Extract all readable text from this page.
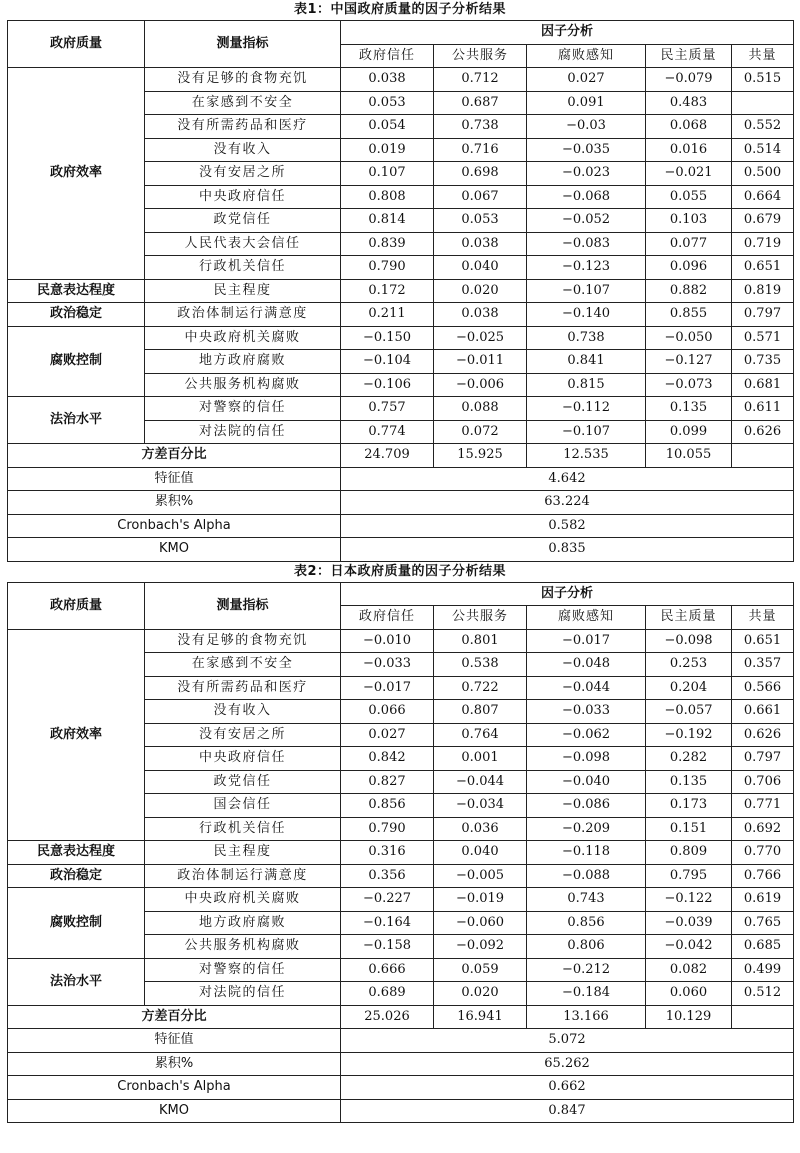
表1：中国政府质量的因子分析结果
政府质量	测量指标	因子分析				
		政府信任	公共服务	腐败感知	民主质量	共量
政府效率	没有足够的食物充饥	0.038	0.712	0.027	−0.079	0.515
	在家感到不安全	0.053	0.687	0.091	0.483	
	没有所需药品和医疗	0.054	0.738	−0.03	0.068	0.552
	没有收入	0.019	0.716	−0.035	0.016	0.514
	没有安居之所	0.107	0.698	−0.023	−0.021	0.500
	中央政府信任	0.808	0.067	−0.068	0.055	0.664
	政党信任	0.814	0.053	−0.052	0.103	0.679
	人民代表大会信任	0.839	0.038	−0.083	0.077	0.719
	行政机关信任	0.790	0.040	−0.123	0.096	0.651
民意表达程度	民主程度	0.172	0.020	−0.107	0.882	0.819
政治稳定	政治体制运行满意度	0.211	0.038	−0.140	0.855	0.797
腐败控制	中央政府机关腐败	−0.150	−0.025	0.738	−0.050	0.571
	地方政府腐败	−0.104	−0.011	0.841	−0.127	0.735
	公共服务机构腐败	−0.106	−0.006	0.815	−0.073	0.681
法治水平	对警察的信任	0.757	0.088	−0.112	0.135	0.611
	对法院的信任	0.774	0.072	−0.107	0.099	0.626
方差百分比		24.709	15.925	12.535	10.055	
特征值		4.642				
累积%		63.224				
Cronbach's Alpha		0.582				
KMO		0.835				
表2：日本政府质量的因子分析结果
政府质量	测量指标	因子分析				
		政府信任	公共服务	腐败感知	民主质量	共量
政府效率	没有足够的食物充饥	−0.010	0.801	−0.017	−0.098	0.651
	在家感到不安全	−0.033	0.538	−0.048	0.253	0.357
	没有所需药品和医疗	−0.017	0.722	−0.044	0.204	0.566
	没有收入	0.066	0.807	−0.033	−0.057	0.661
	没有安居之所	0.027	0.764	−0.062	−0.192	0.626
	中央政府信任	0.842	0.001	−0.098	0.282	0.797
	政党信任	0.827	−0.044	−0.040	0.135	0.706
	国会信任	0.856	−0.034	−0.086	0.173	0.771
	行政机关信任	0.790	0.036	−0.209	0.151	0.692
民意表达程度	民主程度	0.316	0.040	−0.118	0.809	0.770
政治稳定	政治体制运行满意度	0.356	−0.005	−0.088	0.795	0.766
腐败控制	中央政府机关腐败	−0.227	−0.019	0.743	−0.122	0.619
	地方政府腐败	−0.164	−0.060	0.856	−0.039	0.765
	公共服务机构腐败	−0.158	−0.092	0.806	−0.042	0.685
法治水平	对警察的信任	0.666	0.059	−0.212	0.082	0.499
	对法院的信任	0.689	0.020	−0.184	0.060	0.512
方差百分比		25.026	16.941	13.166	10.129	
特征值		5.072				
累积%		65.262				
Cronbach's Alpha		0.662				
KMO		0.847				
